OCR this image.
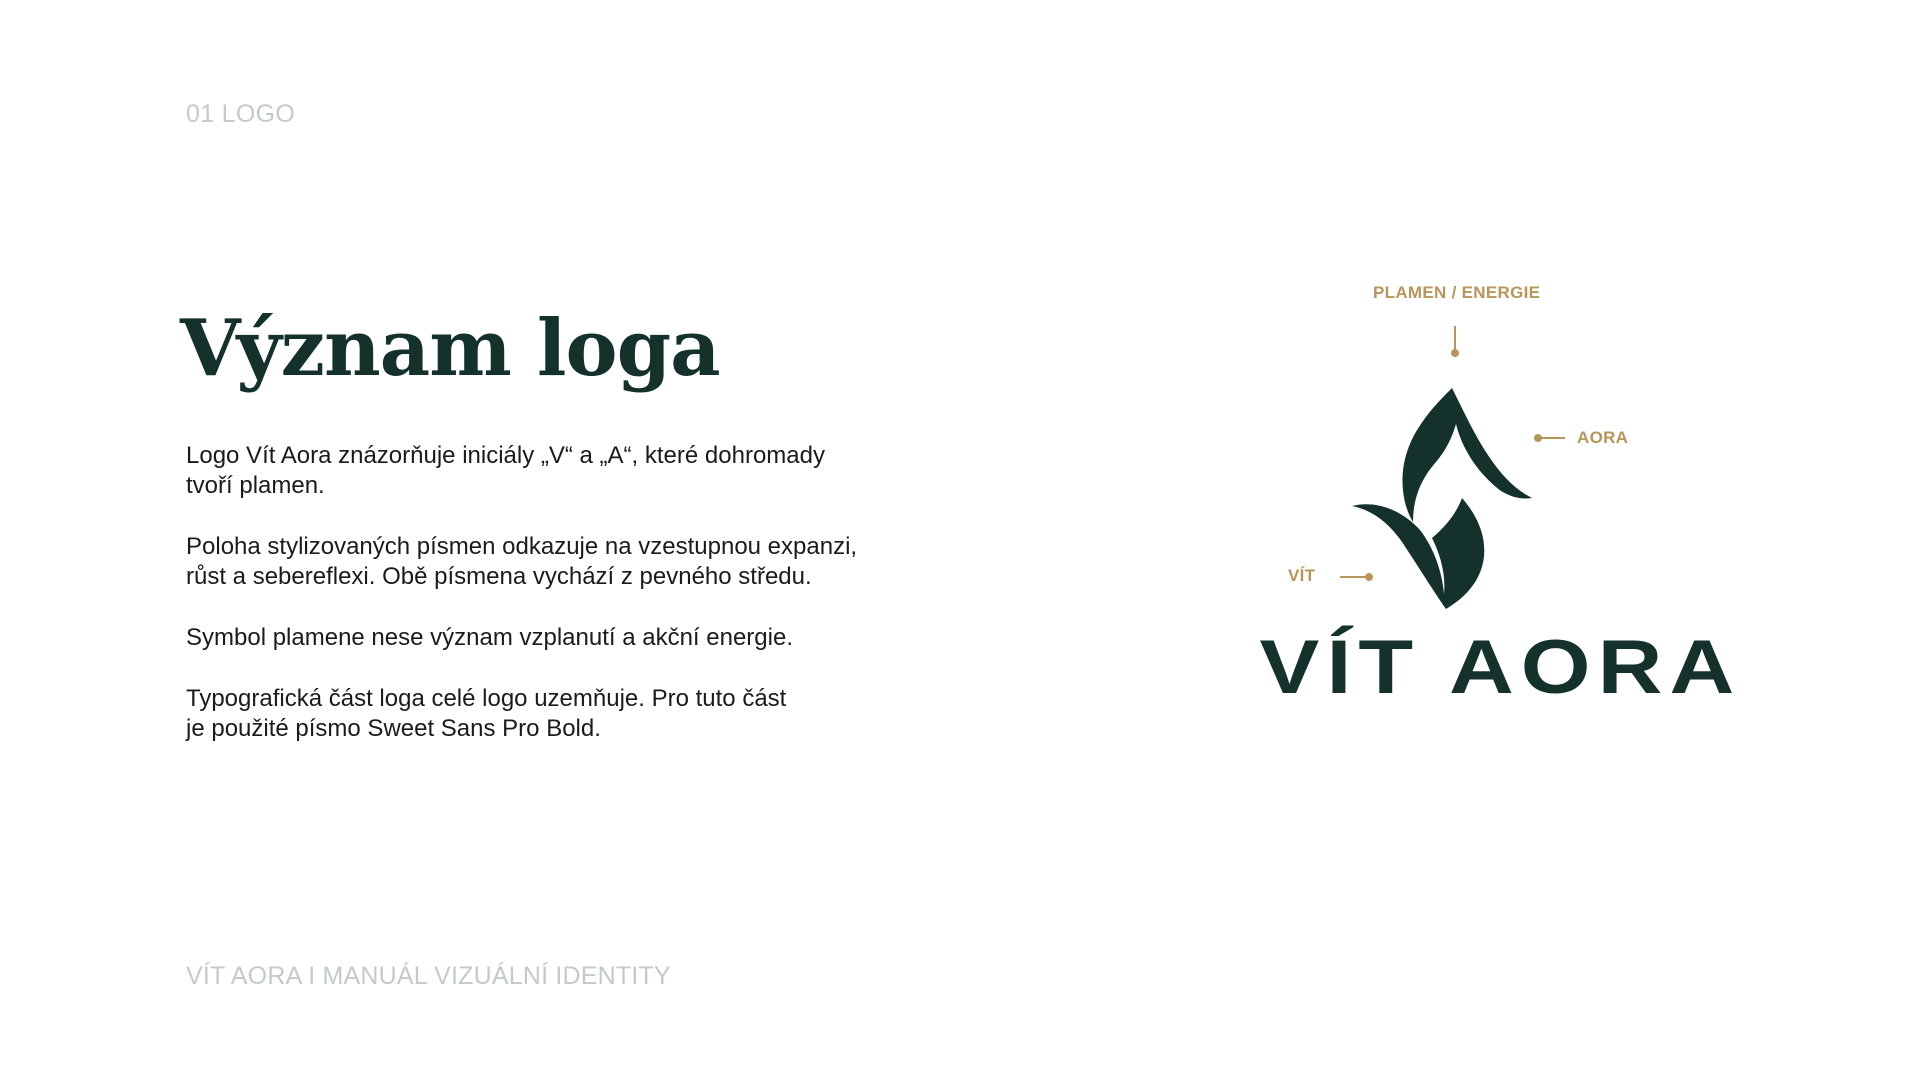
01 LOGO
Význam loga

Logo Vít Aora znázorňuje iniciály „V“ a „A“, které dohromady
tvoří plamen.

Poloha stylizovaných písmen odkazuje na vzestupnou expanzi,
růst a sebereflexi. Obě písmena vychází z pevného středu.

Symbol plamene nese význam vzplanutí a akční energie.

Typografická část loga celé logo uzemňuje. Pro tuto část
je použité písmo Sweet Sans Pro Bold.

PLAMEN / ENERGIE
AORA
VÍT
VÍT AORA
VÍT AORA I MANUÁL VIZUÁLNÍ IDENTITY
